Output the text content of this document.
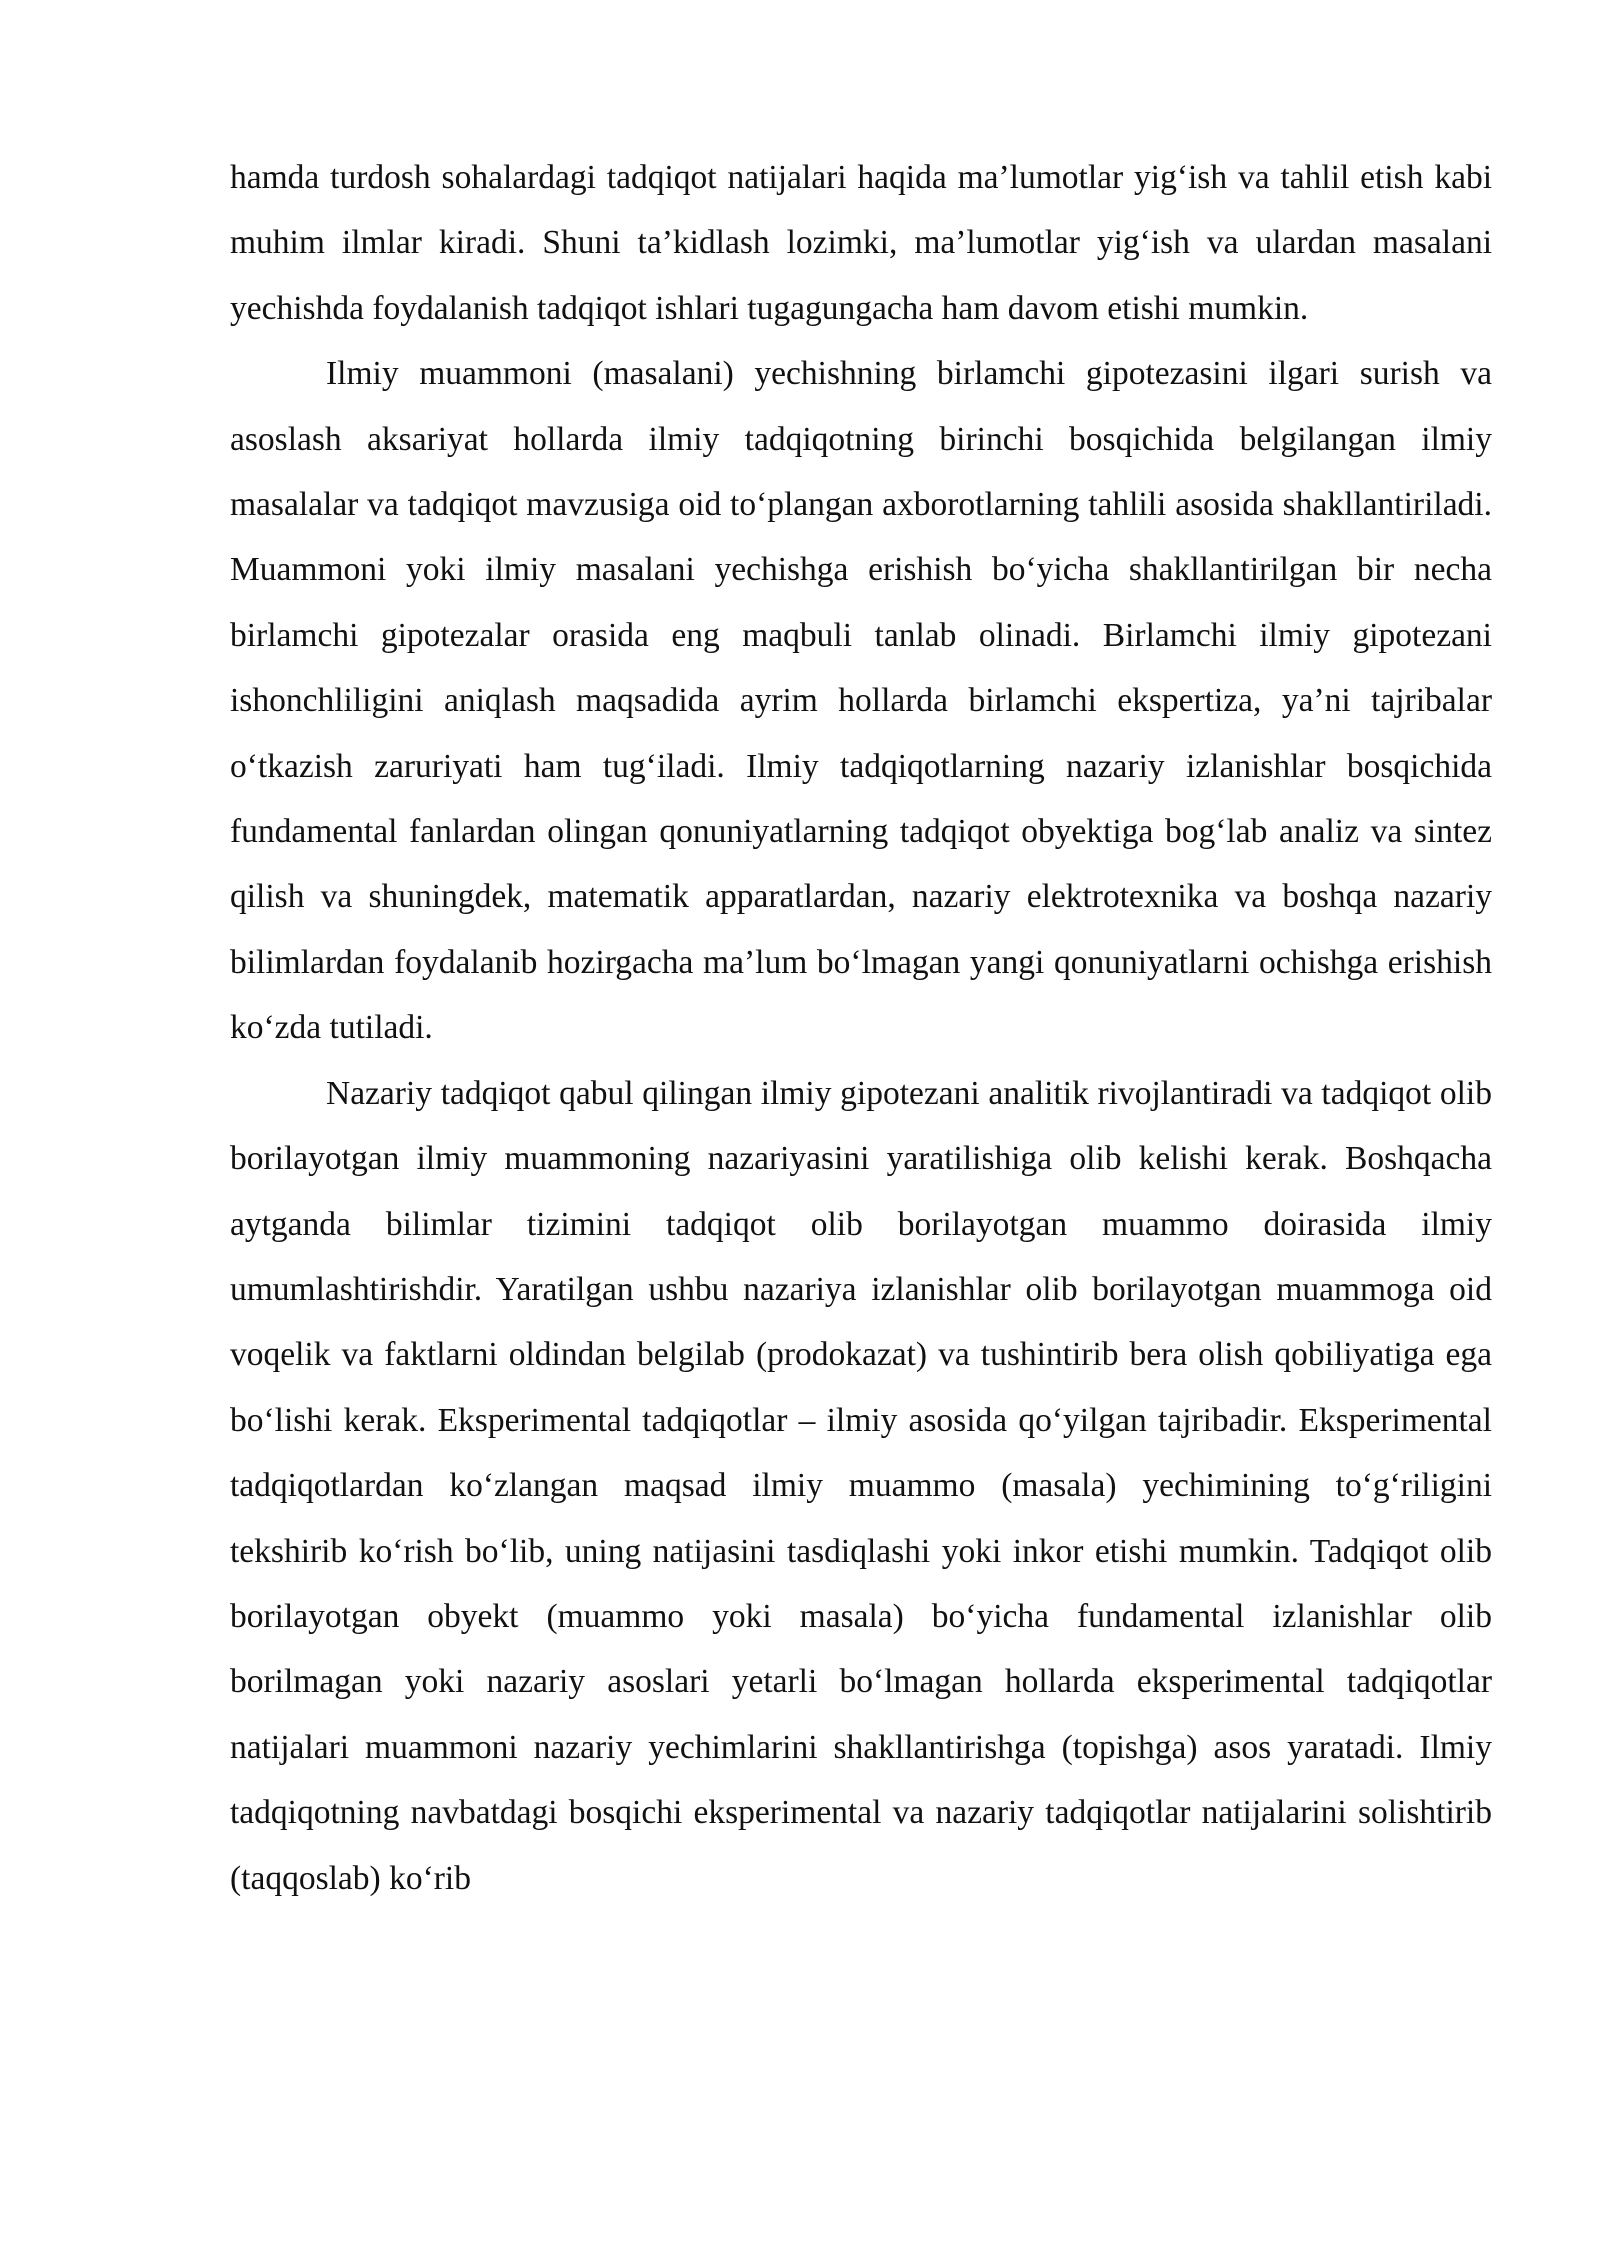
hamda turdosh sohalardagi tadqiqot natijalari haqida ma’lumotlar yig‘ish va tahlil etish kabi muhim ilmlar kiradi. Shuni ta’kidlash lozimki, ma’lumotlar yig‘ish va ulardan masalani yechishda foydalanish tadqiqot ishlari tugagungacha ham davom etishi mumkin.

Ilmiy muammoni (masalani) yechishning birlamchi gipotezasini ilgari surish va asoslash aksariyat hollarda ilmiy tadqiqotning birinchi bosqichida belgilangan ilmiy masalalar va tadqiqot mavzusiga oid to‘plangan axborotlarning tahlili asosida shakllantiriladi. Muammoni yoki ilmiy masalani yechishga erishish bo‘yicha shakllantirilgan bir necha birlamchi gipotezalar orasida eng maqbuli tanlab olinadi. Birlamchi ilmiy gipotezani ishonchliligini aniqlash maqsadida ayrim hollarda birlamchi ekspertiza, ya’ni tajribalar o‘tkazish zaruriyati ham tug‘iladi. Ilmiy tadqiqotlarning nazariy izlanishlar bosqichida fundamental fanlardan olingan qonuniyatlarning tadqiqot obyektiga bog‘lab analiz va sintez qilish va shuningdek, matematik apparatlardan, nazariy elektrotexnika va boshqa nazariy bilimlardan foydalanib hozirgacha ma’lum bo‘lmagan yangi qonuniyatlarni ochishga erishish ko‘zda tutiladi.

Nazariy tadqiqot qabul qilingan ilmiy gipotezani analitik rivojlantiradi va tadqiqot olib borilayotgan ilmiy muammoning nazariyasini yaratilishiga olib kelishi kerak. Boshqacha aytganda bilimlar tizimini tadqiqot olib borilayotgan muammo doirasida ilmiy umumlashtirishdir. Yaratilgan ushbu nazariya izlanishlar olib borilayotgan muammoga oid voqelik va faktlarni oldindan belgilab (prodokazat) va tushintirib bera olish qobiliyatiga ega bo‘lishi kerak. Eksperimental tadqiqotlar – ilmiy asosida qo‘yilgan tajribadir. Eksperimental tadqiqotlardan ko‘zlangan maqsad ilmiy muammo (masala) yechimining to‘g‘riligini tekshirib ko‘rish bo‘lib, uning natijasini tasdiqlashi yoki inkor etishi mumkin. Tadqiqot olib borilayotgan obyekt (muammo yoki masala) bo‘yicha fundamental izlanishlar olib borilmagan yoki nazariy asoslari yetarli bo‘lmagan hollarda eksperimental tadqiqotlar natijalari muammoni nazariy yechimlarini shakllantirishga (topishga) asos yaratadi. Ilmiy tadqiqotning navbatdagi bosqichi eksperimental va nazariy tadqiqotlar natijalarini solishtirib (taqqoslab) ko‘rib
